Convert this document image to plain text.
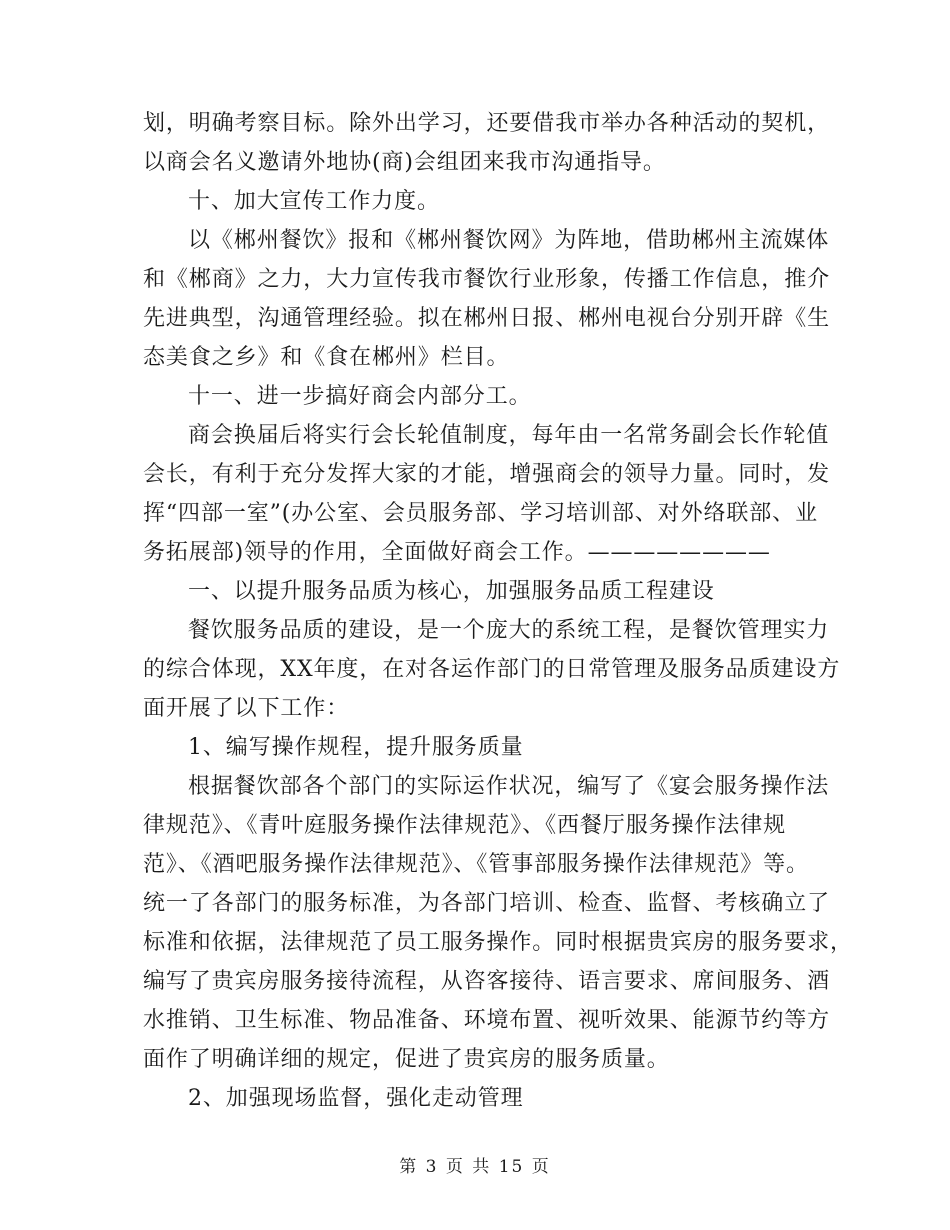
划，明确考察目标。除外出学习，还要借我市举办各种活动的契机，
以商会名义邀请外地协(商)会组团来我市沟通指导。
十、加大宣传工作力度。
以《郴州餐饮》报和《郴州餐饮网》为阵地，借助郴州主流媒体
和《郴商》之力，大力宣传我市餐饮行业形象，传播工作信息，推介
先进典型，沟通管理经验。拟在郴州日报、郴州电视台分别开辟《生
态美食之乡》和《食在郴州》栏目。
十一、进一步搞好商会内部分工。
商会换届后将实行会长轮值制度，每年由一名常务副会长作轮值
会长，有利于充分发挥大家的才能，增强商会的领导力量。同时，发
挥“四部一室”(办公室、会员服务部、学习培训部、对外络联部、业
务拓展部)领导的作用，全面做好商会工作。————————
一、以提升服务品质为核心，加强服务品质工程建设
餐饮服务品质的建设，是一个庞大的系统工程，是餐饮管理实力
的综合体现，XX年度，在对各运作部门的日常管理及服务品质建设方
面开展了以下工作：
1、编写操作规程，提升服务质量
根据餐饮部各个部门的实际运作状况，编写了《宴会服务操作法
律规范》、《青叶庭服务操作法律规范》、《西餐厅服务操作法律规
范》、《酒吧服务操作法律规范》、《管事部服务操作法律规范》等。
统一了各部门的服务标准，为各部门培训、检查、监督、考核确立了
标准和依据，法律规范了员工服务操作。同时根据贵宾房的服务要求，
编写了贵宾房服务接待流程，从咨客接待、语言要求、席间服务、酒
水推销、卫生标准、物品准备、环境布置、视听效果、能源节约等方
面作了明确详细的规定，促进了贵宾房的服务质量。
2、加强现场监督，强化走动管理
第 3 页 共 15 页
